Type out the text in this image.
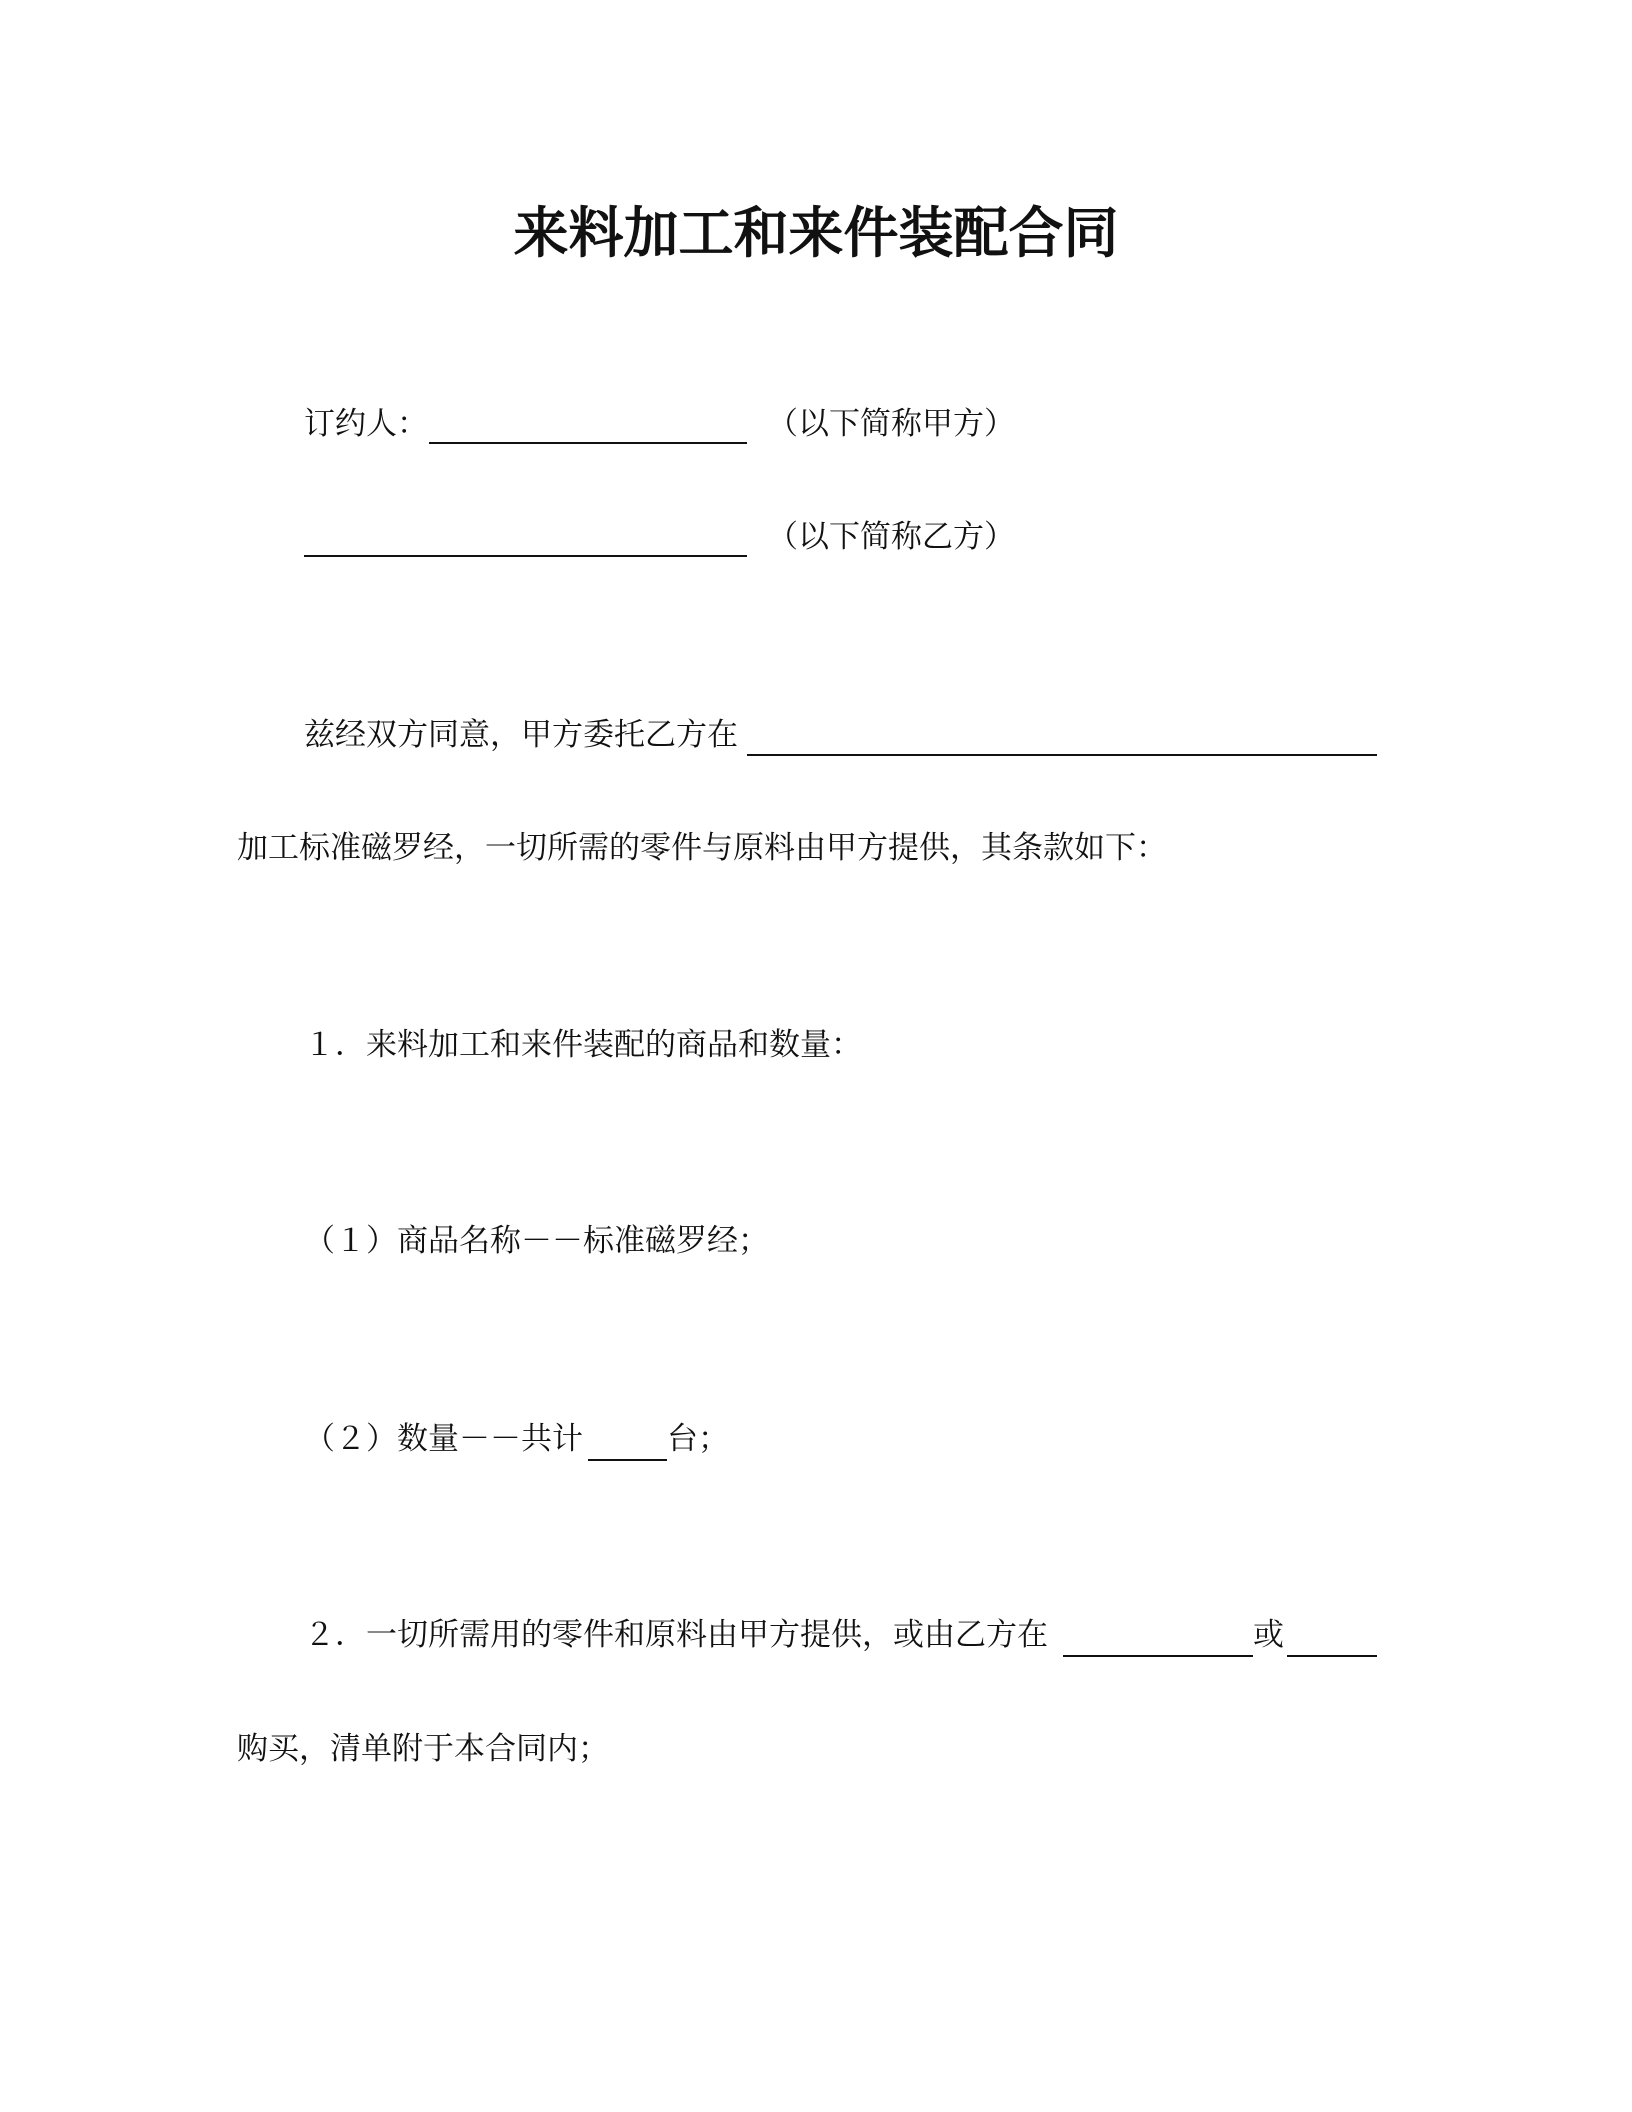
来料加工和来件装配合同
订约人：	（以下简称甲方）
（以下简称乙方）
兹经双方同意，甲方委托乙方在
加工标准磁罗经，一切所需的零件与原料由甲方提供，其条款如下：
１．来料加工和来件装配的商品和数量：
（１）商品名称－－标准磁罗经；
（２）数量－－共计	台；
２．一切所需用的零件和原料由甲方提供，或由乙方在	或
购买，清单附于本合同内；
